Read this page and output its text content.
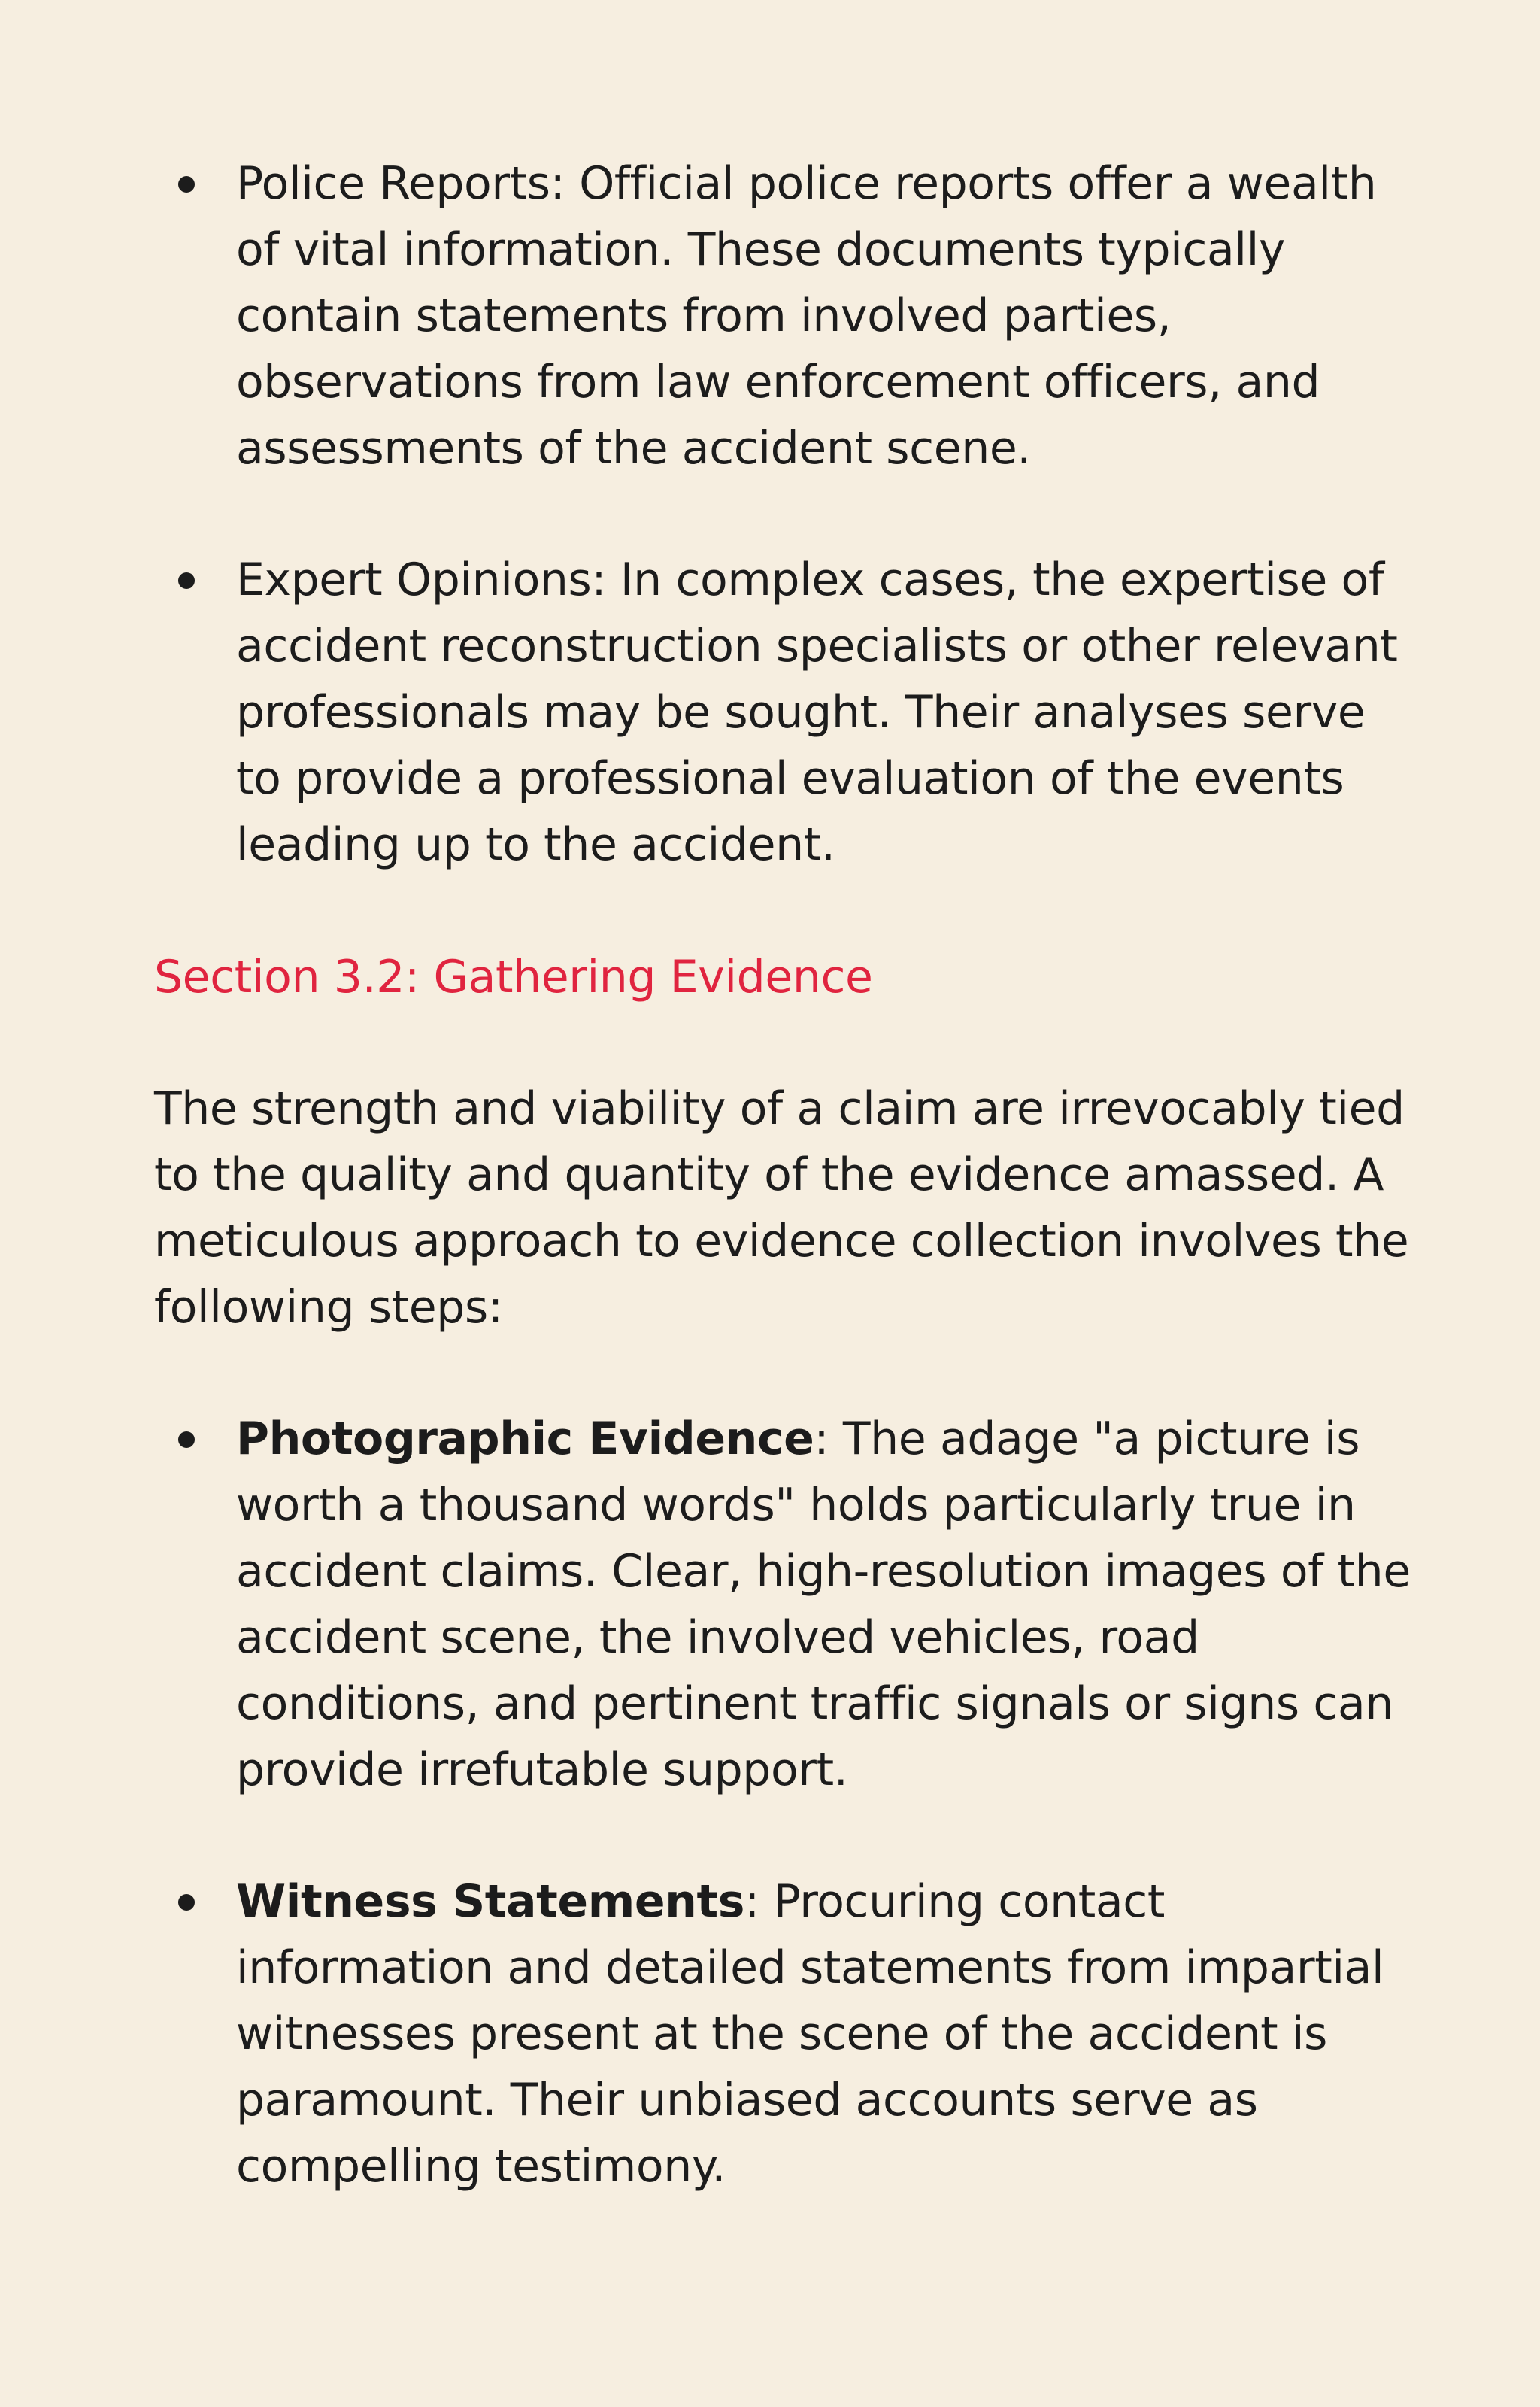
Police Reports: Official police reports offer a wealth of vital information. These documents typically contain statements from involved parties, observations from law enforcement officers, and assessments of the accident scene.
Expert Opinions: In complex cases, the expertise of accident reconstruction specialists or other relevant professionals may be sought. Their analyses serve to provide a professional evaluation of the events leading up to the accident.
Section 3.2: Gathering Evidence

The strength and viability of a claim are irrevocably tied to the quality and quantity of the evidence amassed. A meticulous approach to evidence collection involves the following steps:

Photographic Evidence: The adage "a picture is worth a thousand words" holds particularly true in accident claims. Clear, high-resolution images of the accident scene, the involved vehicles, road conditions, and pertinent traffic signals or signs can provide irrefutable support.
Witness Statements: Procuring contact information and detailed statements from impartial witnesses present at the scene of the accident is paramount. Their unbiased accounts serve as compelling testimony.
